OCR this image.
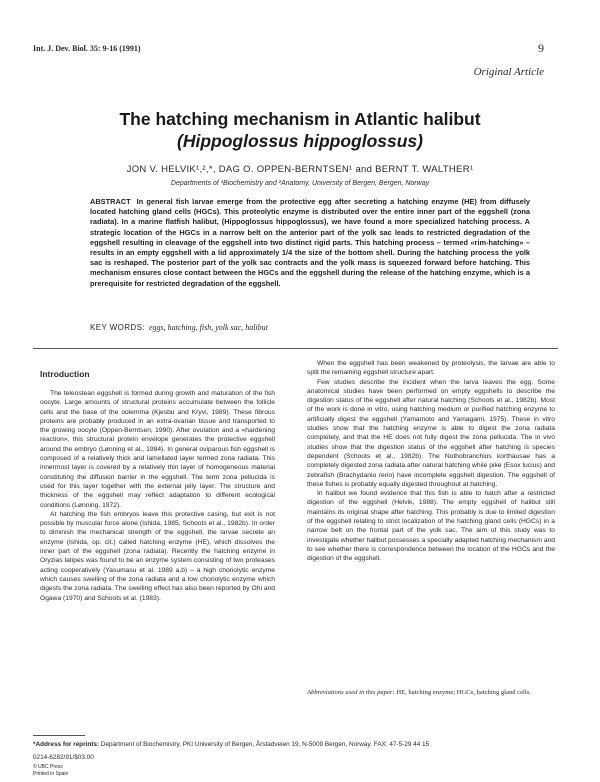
Int. J. Dev. Biol. 35: 9-16 (1991)	9
Original Article
The hatching mechanism in Atlantic halibut
(Hippoglossus hippoglossus)
JON V. HELVIK¹,²,*, DAG O. OPPEN-BERNTSEN¹ and BERNT T. WALTHER¹
Departments of ¹Biochemistry and ²Anatomy, University of Bergen, Bergen, Norway
ABSTRACT In general fish larvae emerge from the protective egg after secreting a hatching enzyme (HE) from diffusely located hatching gland cells (HGCs). This proteolytic enzyme is distributed over the entire inner part of the eggshell (zona radiata). In a marine flatfish halibut, (Hippoglossus hippoglossus), we have found a more specialized hatching process. A strategic location of the HGCs in a narrow belt on the anterior part of the yolk sac leads to restricted degradation of the eggshell resulting in cleavage of the eggshell into two distinct rigid parts. This hatching process – termed «rim-hatching» – results in an empty eggshell with a lid approximately 1/4 the size of the bottom shell. During the hatching process the yolk sac is reshaped. The posterior part of the yolk sac contracts and the yolk mass is squeezed forward before hatching. This mechanism ensures close contact between the HGCs and the eggshell during the release of the hatching enzyme, which is a prerequisite for restricted degradation of the eggshell.
KEY WORDS: eggs, hatching, fish, yolk sac, halibut
Introduction

The teleostean eggshell is formed during growth and maturation of the fish oocyte. Large amounts of structural proteins accumulate between the follicle cells and the base of the oolemma (Kjesbu and Kryvi, 1989). These fibrous proteins are probably produced in an extra-ovarian tissue and transported to the growing oocyte (Oppen-Berntsen, 1990). After ovulation and a «hardening reaction», this structural protein envelope generates the protective eggshell around the embryo (Lønning et al., 1984). In general oviparous fish eggshell is composed of a relatively thick and lamellated layer termed zona radiata. This innermost layer is covered by a relatively thin layer of homogeneous material constituting the diffusion barrier in the eggshell. The term zona pellucida is used for this layer together with the external jelly layer. The structure and thickness of the eggshell may reflect adaptation to different ecological conditions (Lønning, 1972).

At hatching the fish embryos leave this protective casing, but exit is not possible by muscular force alone (Ishida, 1985, Schoots et al., 1982b). In order to diminish the mechanical strength of the eggshell, the larvae secrete an enzyme (Ishida, op. cit.) called hatching enzyme (HE), which dissolves the inner part of the eggshell (zona radiata). Recently the hatching enzyme in Oryzias latipes was found to be an enzyme system consisting of two proteases acting cooperatively (Yasumasu et al. 1989 a,b) – a high choriolytic enzyme which causes swelling of the zona radiata and a low choriolytic enzyme which digests the zona radiata. The swelling effect has also been reported by Ohi and Ogawa (1970) and Schoots et al. (1983).

When the eggshell has been weakened by proteolysis, the larvae are able to split the remaining eggshell structure apart.

Few studies describe the incident when the larva leaves the egg. Some anatomical studies have been performed on empty eggshells to describe the digestion status of the eggshell after natural hatching (Schoots et al., 1982b). Most of the work is done in vitro, using hatching medium or purified hatching enzyme to artificially digest the eggshell (Yamamoto and Yamagami, 1975). These in vitro studies show that the hatching enzyme is able to digest the zona radiata completely, and that the HE does not fully digest the zona pellucida. The in vivo studies show that the digestion status of the eggshell after hatching is species dependent (Schoots et al., 1982b). The Nothobranchius korthausae has a completely digested zona radiata after natural hatching while pike (Esox lucius) and zebrafish (Brachydanio rerio) have incomplete eggshell digestion. The eggshell of these fishes is probably equally digested throughout at hatching.

In halibut we found evidence that this fish is able to hatch after a restricted digestion of the eggshell (Helvik, 1988). The empty eggshell of halibut still maintains its original shape after hatching. This probably is due to limited digestion of the eggshell relating to strict localization of the hatching gland cells (HGCs) in a narrow belt on the frontal part of the yolk sac. The aim of this study was to investigate whether halibut possesses a specially adapted hatching mechanism and to see whether there is correspondence between the location of the HGCs and the digestion of the eggshell.

Abbreviations used in this paper: HE, hatching enzyme; HGCs, hatching gland cells.
*Address for reprints: Department of Biochemistry, PKI University of Bergen, Årstadveien 19, N-5009 Bergen, Norway. FAX: 47-5-29 44 15
0214-6282/91/$03.00
© UBC Press
Printed in Spain
